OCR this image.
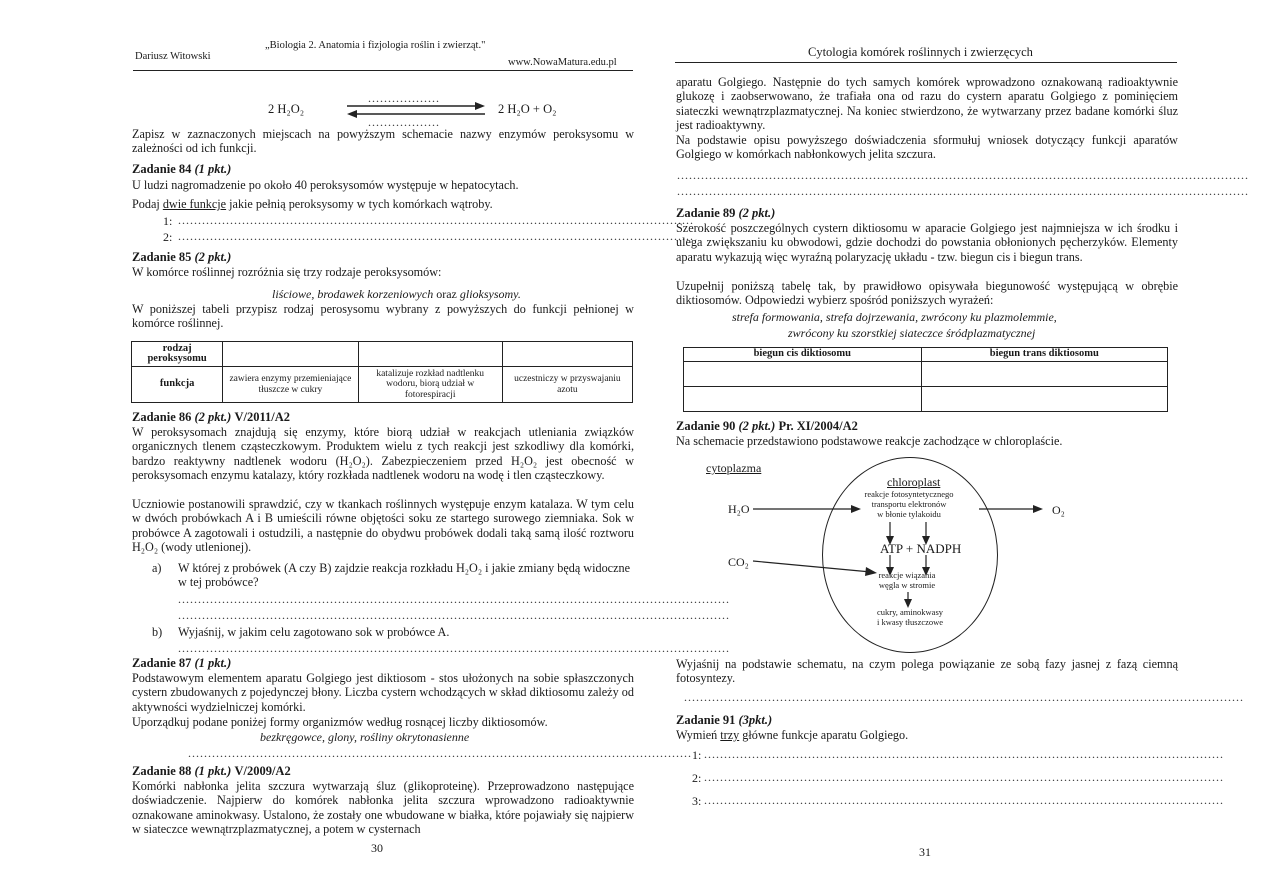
Dariusz Witowski
„Biologia 2. Anatomia i fizjologia roślin i zwierząt."
www.NowaMatura.edu.pl
..................
2 H₂O₂	2 H₂O + O₂
..................
Zapisz w zaznaczonych miejscach na powyższym schemacie nazwy enzymów peroksysomu w zależności od ich funkcji.
Zadanie 84 (1 pkt.)
U ludzi nagromadzenie po około 40 peroksysomów występuje w hepatocytach.
Podaj dwie funkcje jakie pełnią peroksysomy w tych komórkach wątroby.
1: .................................................................................................................................
2: .................................................................................................................................
Zadanie 85 (2 pkt.)
W komórce roślinnej rozróżnia się trzy rodzaje peroksysomów:
liściowe, brodawek korzeniowych oraz glioksysomy.
W poniższej tabeli przypisz rodzaj perosysomu wybrany z powyższych do funkcji pełnionej w komórce roślinnej.
rodzaj peroksysomu			
funkcja	zawiera enzymy przemieniające tłuszcze w cukry	katalizuje rozkład nadtlenku wodoru, biorą udział w fotorespiracji	uczestniczy w przyswajaniu azotu
Zadanie 86 (2 pkt.) V/2011/A2
W peroksysomach znajdują się enzymy, które biorą udział w reakcjach utleniania związków organicznych tlenem cząsteczkowym. Produktem wielu z tych reakcji jest szkodliwy dla komórki, bardzo reaktywny nadtlenek wodoru (H₂O₂). Zabezpieczeniem przed H₂O₂ jest obecność w peroksysomach enzymu katalazy, który rozkłada nadtlenek wodoru na wodę i tlen cząsteczkowy.
Uczniowie postanowili sprawdzić, czy w tkankach roślinnych występuje enzym katalaza. W tym celu w dwóch probówkach A i B umieścili równe objętości soku ze startego surowego ziemniaka. Sok w probówce A zagotowali i ostudzili, a następnie do obydwu probówek dodali taką samą ilość roztworu H₂O₂ (wody utlenionej).
a) W której z probówek (A czy B) zajdzie reakcja rozkładu H₂O₂ i jakie zmiany będą widoczne w tej probówce?
..........................................................................................................................................
..........................................................................................................................................
b) Wyjaśnij, w jakim celu zagotowano sok w probówce A.
..........................................................................................................................................
Zadanie 87 (1 pkt.)
Podstawowym elementem aparatu Golgiego jest diktiosom - stos ułożonych na sobie spłaszczonych cystern zbudowanych z pojedynczej błony. Liczba cystern wchodzących w skład diktiosomu zależy od aktywności wydzielniczej komórki.
Uporządkuj podane poniżej formy organizmów według rosnącej liczby diktiosomów.
bezkręgowce, glony, rośliny okrytonasienne
..............................................................................................................................
Zadanie 88 (1 pkt.) V/2009/A2
Komórki nabłonka jelita szczura wytwarzają śluz (glikoproteinę). Przeprowadzono następujące doświadczenie. Najpierw do komórek nabłonka jelita szczura wprowadzono radioaktywnie oznakowane aminokwasy. Ustalono, że zostały one wbudowane w białka, które pojawiały się najpierw w siateczce wewnątrzplazmatycznej, a potem w cysternach
30
Cytologia komórek roślinnych i zwierzęcych
aparatu Golgiego. Następnie do tych samych komórek wprowadzono oznakowaną radioaktywnie glukozę i zaobserwowano, że trafiała ona od razu do cystern aparatu Golgiego z pominięciem siateczki wewnątrzplazmatycznej. Na koniec stwierdzono, że wytwarzany przez badane komórki śluz jest radioaktywny.
Na podstawie opisu powyższego doświadczenia sformułuj wniosek dotyczący funkcji aparatów Golgiego w komórkach nabłonkowych jelita szczura.
...............................................................................................................................................
...............................................................................................................................................
Zadanie 89 (2 pkt.)
Szerokość poszczególnych cystern diktiosomu w aparacie Golgiego jest najmniejsza w ich środku i ulega zwiększaniu ku obwodowi, gdzie dochodzi do powstania obłonionych pęcherzyków. Elementy aparatu wykazują więc wyraźną polaryzację układu - tzw. biegun cis i biegun trans.
Uzupełnij poniższą tabelę tak, by prawidłowo opisywała biegunowość występującą w obrębie diktiosomów. Odpowiedzi wybierz spośród poniższych wyrażeń:
strefa formowania, strefa dojrzewania, zwrócony ku plazmolemmie,
zwrócony ku szorstkiej siateczce śródplazmatycznej
biegun cis diktiosomu	biegun trans diktiosomu

Zadanie 90 (2 pkt.) Pr. XI/2004/A2
Na schemacie przedstawiono podstawowe reakcje zachodzące w chloroplaście.
cytoplazma
chloroplast
reakcje fotosyntetycznego
transportu elektronów
w błonie tylakoidu
H₂O	O₂
ATP + NADPH
CO₂
reakcje wiązania
węgla w stromie
cukry, aminokwasy
i kwasy tłuszczowe
Wyjaśnij na podstawie schematu, na czym polega powiązanie ze sobą fazy jasnej z fazą ciemną fotosyntezy.
............................................................................................................................................
Zadanie 91 (3pkt.)
Wymień trzy główne funkcje aparatu Golgiego.
1: ..................................................................................................................................
2: ..................................................................................................................................
3: ..................................................................................................................................
31
